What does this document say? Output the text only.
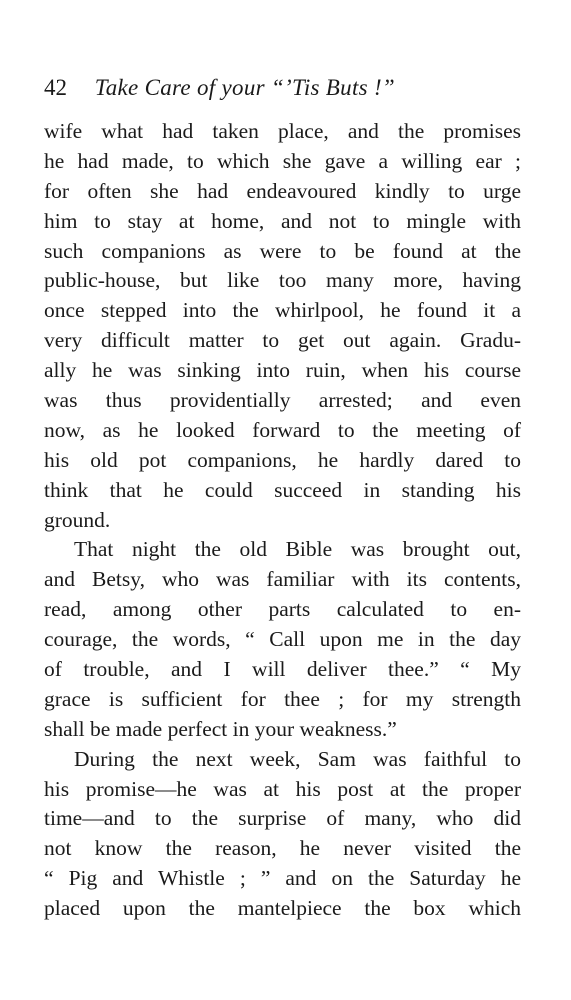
42 Take Care of your “’Tis Buts !”
wife what had taken place, and the promises
he had made, to which she gave a willing ear ;
for often she had endeavoured kindly to urge
him to stay at home, and not to mingle with
such companions as were to be found at the
public-house, but like too many more, having
once stepped into the whirlpool, he found it a
very difficult matter to get out again. Gradu-
ally he was sinking into ruin, when his course
was thus providentially arrested; and even
now, as he looked forward to the meeting of
his old pot companions, he hardly dared to
think that he could succeed in standing his
ground.
That night the old Bible was brought out,
and Betsy, who was familiar with its contents,
read, among other parts calculated to en-
courage, the words, “ Call upon me in the day
of trouble, and I will deliver thee.” “ My
grace is sufficient for thee ; for my strength
shall be made perfect in your weakness.”
During the next week, Sam was faithful to
his promise—he was at his post at the proper
time—and to the surprise of many, who did
not know the reason, he never visited the
“ Pig and Whistle ; ” and on the Saturday he
placed upon the mantelpiece the box which
